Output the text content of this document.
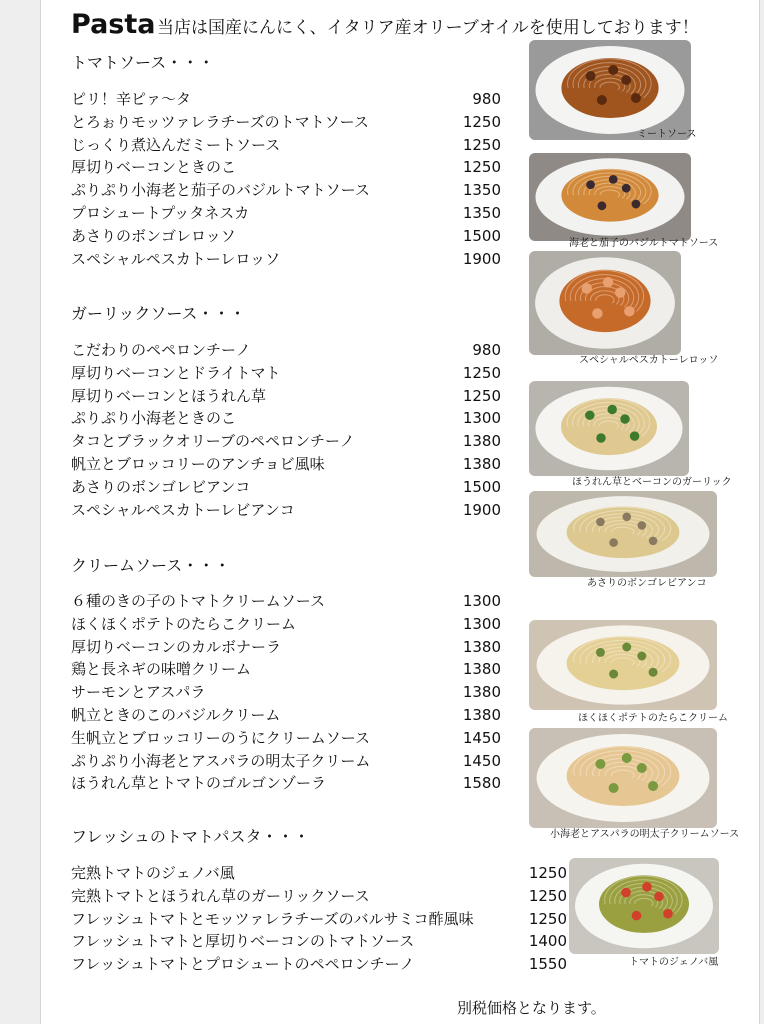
Pasta 当店は国産にんにく、イタリア産オリーブオイルを使用しております！
トマトソース・・・
ピリ！辛ピァ〜タ	980
とろぉりモッツァレラチーズのトマトソース	1250
じっくり煮込んだミートソース	1250
厚切りベーコンときのこ	1250
ぷりぷり小海老と茄子のバジルトマトソース	1350
プロシュートプッタネスカ	1350
あさりのボンゴレロッソ	1500
スペシャルペスカトーレロッソ	1900
ガーリックソース・・・
こだわりのペペロンチーノ	980
厚切りベーコンとドライトマト	1250
厚切りベーコンとほうれん草	1250
ぷりぷり小海老ときのこ	1300
タコとブラックオリーブのペペロンチーノ	1380
帆立とブロッコリーのアンチョビ風味	1380
あさりのボンゴレビアンコ	1500
スペシャルペスカトーレビアンコ	1900
クリームソース・・・
６種のきの子のトマトクリームソース	1300
ほくほくポテトのたらこクリーム	1300
厚切りベーコンのカルボナーラ	1380
鶏と長ネギの味噌クリーム	1380
サーモンとアスパラ	1380
帆立ときのこのバジルクリーム	1380
生帆立とブロッコリーのうにクリームソース	1450
ぷりぷり小海老とアスパラの明太子クリーム	1450
ほうれん草とトマトのゴルゴンゾーラ	1580
フレッシュのトマトパスタ・・・
完熟トマトのジェノバ風	1250
完熟トマトとほうれん草のガーリックソース	1250
フレッシュトマトとモッツァレラチーズのバルサミコ酢風味	1250
フレッシュトマトと厚切りベーコンのトマトソース	1400
フレッシュトマトとプロシュートのペペロンチーノ	1550
ミートソース
海老と茄子のバジルトマトソース
スペシャルペスカトーレロッソ
ほうれん草とベーコンのガーリック
あさりのボンゴレビアンコ
ほくほくポテトのたらこクリーム
小海老とアスパラの明太子クリームソース
トマトのジェノバ風
別税価格となります。
